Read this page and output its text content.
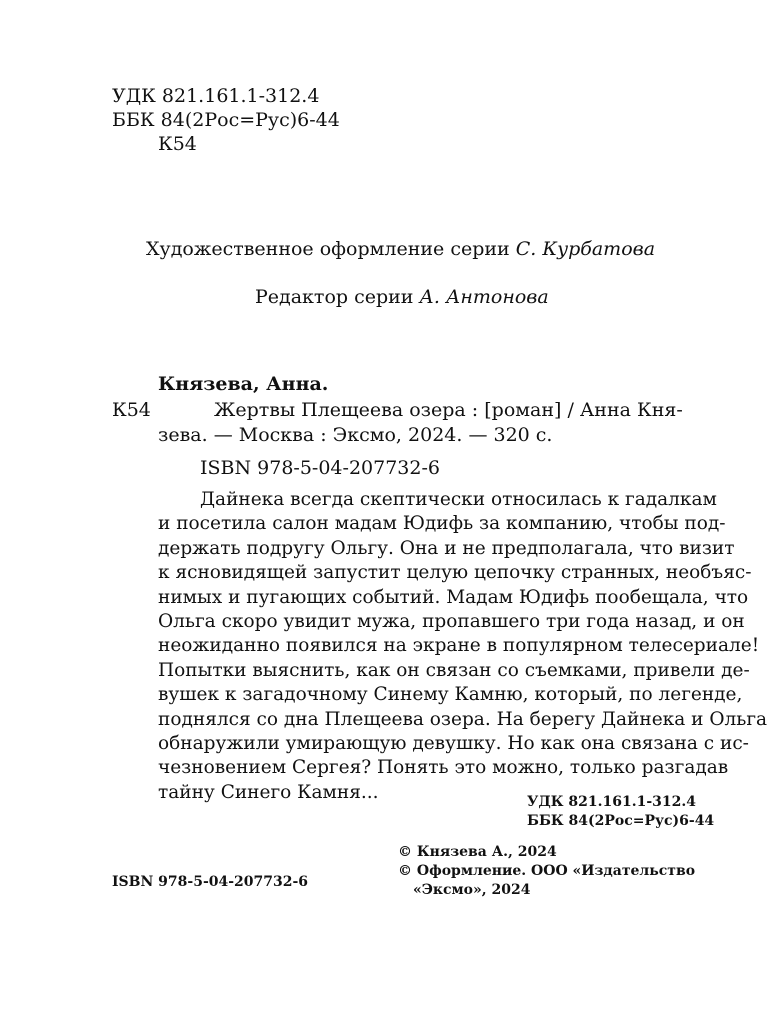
УДК 821.161.1-312.4
ББК 84(2Рос=Рус)6-44
К54
Художественное оформление серии С. Курбатова
Редактор серии А. Антонова
Князева, Анна.
К54	Жертвы Плещеева озера : [роман] / Анна Кня-
зева. — Москва : Эксмо, 2024. — 320 с.
ISBN 978-5-04-207732-6
Дайнека всегда скептически относилась к гадалкам
и посетила салон мадам Юдифь за компанию, чтобы под-
держать подругу Ольгу. Она и не предполагала, что визит
к ясновидящей запустит целую цепочку странных, необъяс-
нимых и пугающих событий. Мадам Юдифь пообещала, что
Ольга скоро увидит мужа, пропавшего три года назад, и он
неожиданно появился на экране в популярном телесериале!
Попытки выяснить, как он связан со съемками, привели де-
вушек к загадочному Синему Камню, который, по легенде,
поднялся со дна Плещеева озера. На берегу Дайнека и Ольга
обнаружили умирающую девушку. Но как она связана с ис-
чезновением Сергея? Понять это можно, только разгадав
тайну Синего Камня...	УДК 821.161.1-312.4
ББК 84(2Рос=Рус)6-44
ISBN 978-5-04-207732-6
© Князева А., 2024
© Оформление. ООО «Издательство
«Эксмо», 2024
